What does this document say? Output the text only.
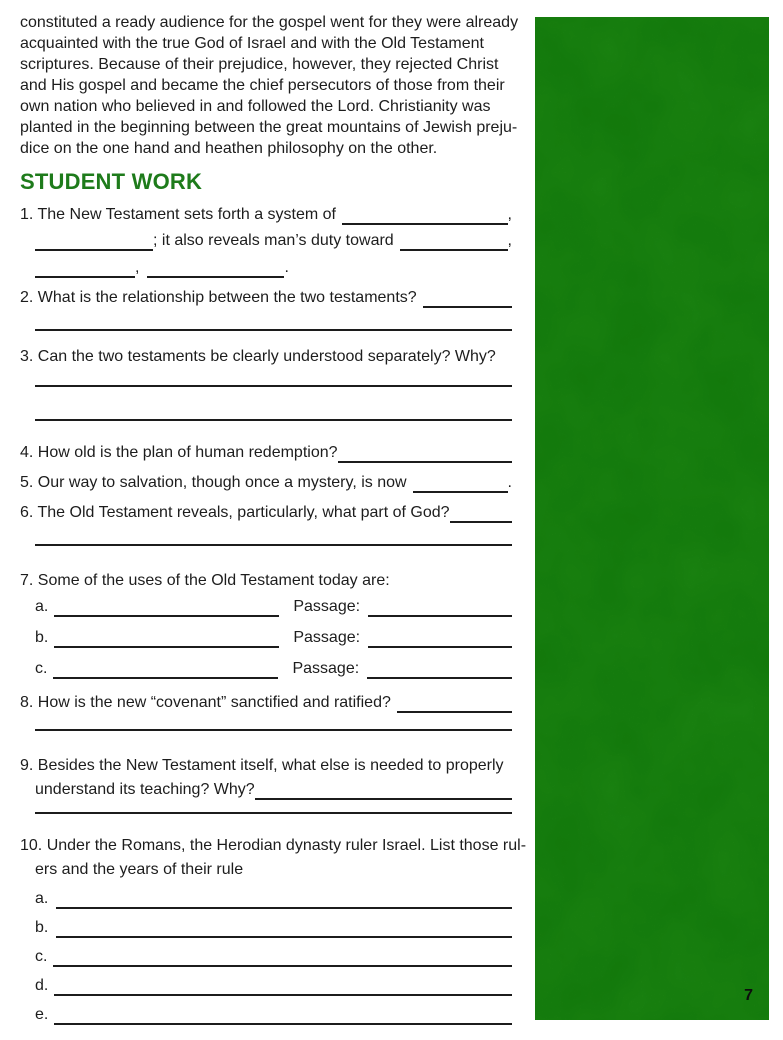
constituted a ready audience for the gospel went for they were already
acquainted with the true God of Israel and with the Old Testament
scriptures. Because of their prejudice, however, they rejected Christ
and His gospel and became the chief persecutors of those from their
own nation who believed in and followed the Lord. Christianity was
planted in the beginning between the great mountains of Jewish preju-
dice on the one hand and heathen philosophy on the other.

STUDENT WORK
1. The New Testament sets forth a system of	,
; it also reveals man’s duty toward	,
,	.
2. What is the relationship between the two testaments?
3. Can the two testaments be clearly understood separately? Why?
4. How old is the plan of human redemption?
5. Our way to salvation, though once a mystery, is now	.
6. The Old Testament reveals, particularly, what part of God?
7. Some of the uses of the Old Testament today are:
a.	Passage:
b.	Passage:
c.	Passage:
8. How is the new “covenant” sanctified and ratified?
9. Besides the New Testament itself, what else is needed to properly
understand its teaching? Why?
10. Under the Romans, the Herodian dynasty ruler Israel. List those rul-
ers and the years of their rule
a.
b.
c.
d.
e.
7
